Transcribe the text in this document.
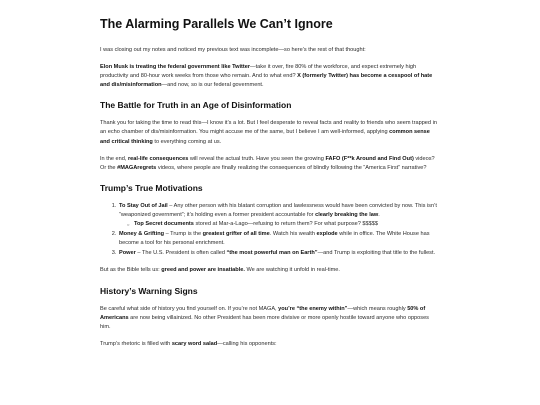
The Alarming Parallels We Can’t Ignore

I was closing out my notes and noticed my previous text was incomplete—so here’s the rest of that thought:

Elon Musk is treating the federal government like Twitter—take it over, fire 80% of the workforce, and expect extremely high productivity and 80-hour work weeks from those who remain. And to what end? X (formerly Twitter) has become a cesspool of hate and dis/misinformation—and now, so is our federal government.

The Battle for Truth in an Age of Disinformation

Thank you for taking the time to read this—I know it’s a lot. But I feel desperate to reveal facts and reality to friends who seem trapped in an echo chamber of dis/misinformation. You might accuse me of the same, but I believe I am well-informed, applying common sense and critical thinking to everything coming at us.

In the end, real-life consequences will reveal the actual truth. Have you seen the growing FAFO (F**k Around and Find Out) videos? Or the #MAGAregrets videos, where people are finally realizing the consequences of blindly following the “America First” narrative?

Trump’s True Motivations
1. To Stay Out of Jail – Any other person with his blatant corruption and lawlessness would have been convicted by now. This isn’t “weaponized government”; it’s holding even a former president accountable for clearly breaking the law.
○ Top Secret documents stored at Mar-a-Lago—refusing to return them? For what purpose? $$$$$
2. Money & Grifting – Trump is the greatest grifter of all time. Watch his wealth explode while in office. The White House has become a tool for his personal enrichment.
3. Power – The U.S. President is often called “the most powerful man on Earth”—and Trump is exploiting that title to the fullest.

But as the Bible tells us: greed and power are insatiable. We are watching it unfold in real-time.

History’s Warning Signs

Be careful what side of history you find yourself on. If you’re not MAGA, you’re “the enemy within”—which means roughly 50% of Americans are now being villainized. No other President has been more divisive or more openly hostile toward anyone who opposes him.

Trump’s rhetoric is filled with scary word salad—calling his opponents:
